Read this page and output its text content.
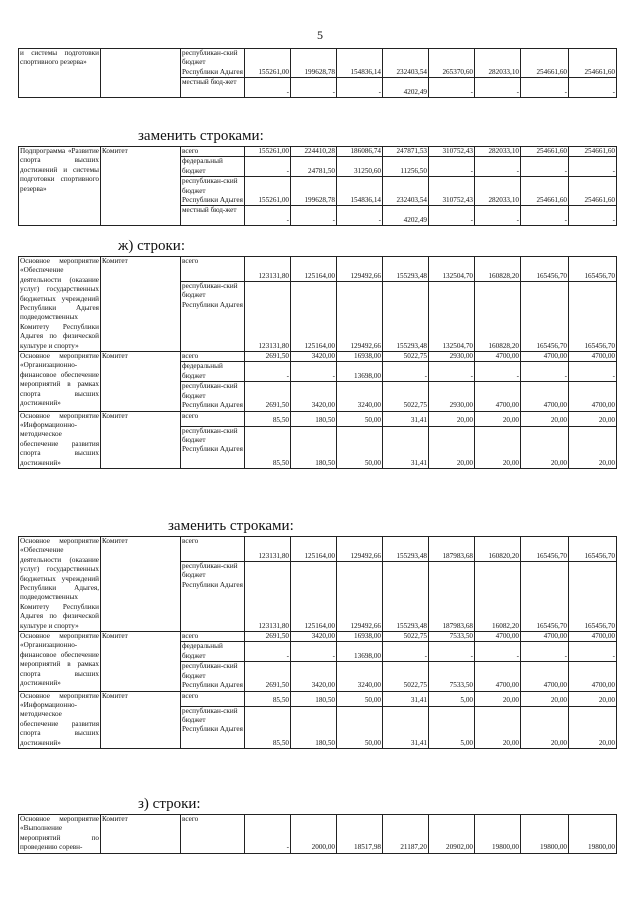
5
и системы подготовки спортивного резерва»		республикан-ский бюджет Республики Адыгея	155261,00	199628,78	154836,14	232403,54	265370,60	282033,10	254661,60	254661,60
		местный бюд-жет	-	-	-	4202,49	-	-	-	-
заменить строками:
Подпрограмма «Развитие спорта высших достижений и системы подготовки спортивного резерва»	Комитет	всего	155261,00	224410,28	186086,74	247871,53	310752,43	282033,10	254661,60	254661,60
		федеральный бюджет	-	24781,50	31250,60	11256,50	-	-	-	-
		республикан-ский бюджет Республики Адыгея	155261,00	199628,78	154836,14	232403,54	310752,43	282033,10	254661,60	254661,60
		местный бюд-жет	-	-	-	4202,49	-	-	-	-
ж) строки:
Основное мероприятие «Обеспечение деятельности (оказание услуг) государственных бюджетных учреждений Республики Адыгея подведомственных Комитету Республики Адыгея по физической культуре и спорту»	Комитет	всего	123131,80	125164,00	129492,66	155293,48	132504,70	160828,20	165456,70	165456,70
		республикан-ский бюджет Республики Адыгея	123131,80	125164,00	129492,66	155293,48	132504,70	160828,20	165456,70	165456,70
Основное мероприятие «Организационно-финансовое обеспечение мероприятий в рамках спорта высших достижений»	Комитет	всего	2691,50	3420,00	16938,00	5022,75	2930,00	4700,00	4700,00	4700,00
		федеральный бюджет	-	-	13698,00	-	-	-	-	-
		республикан-ский бюджет Республики Адыгея	2691,50	3420,00	3240,00	5022,75	2930,00	4700,00	4700,00	4700,00
Основное мероприятие «Информационно-методическое обеспечение развития спорта высших достижений»	Комитет	всего	85,50	180,50	50,00	31,41	20,00	20,00	20,00	20,00
		республикан-ский бюджет Республики Адыгея	85,50	180,50	50,00	31,41	20,00	20,00	20,00	20,00
заменить строками:
Основное мероприятие «Обеспечение деятельности (оказание услуг) государственных бюджетных учреждений Республики Адыгея, подведомственных Комитету Республики Адыгея по физической культуре и спорту»	Комитет	всего	123131,80	125164,00	129492,66	155293,48	187983,68	160820,20	165456,70	165456,70
		республикан-ский бюджет Республики Адыгея	123131,80	125164,00	129492,66	155293,48	187983,68	16082,20	165456,70	165456,70
Основное мероприятие «Организационно-финансовое обеспечение мероприятий в рамках спорта высших достижений»	Комитет	всего	2691,50	3420,00	16938,00	5022,75	7533,50	4700,00	4700,00	4700,00
		федеральный бюджет	-	-	13698,00	-	-	-	-	-
		республикан-ский бюджет Республики Адыгея	2691,50	3420,00	3240,00	5022,75	7533,50	4700,00	4700,00	4700,00
Основное мероприятие «Информационно-методическое обеспечение развития спорта высших достижений»	Комитет	всего	85,50	180,50	50,00	31,41	5,00	20,00	20,00	20,00
		республикан-ский бюджет Республики Адыгея	85,50	180,50	50,00	31,41	5,00	20,00	20,00	20,00
з) строки:
Основное мероприятие «Выполнение мероприятий по проведению соревн-	Комитет	всего	-	2000,00	18517,98	21187,20	20902,00	19800,00	19800,00	19800,00
